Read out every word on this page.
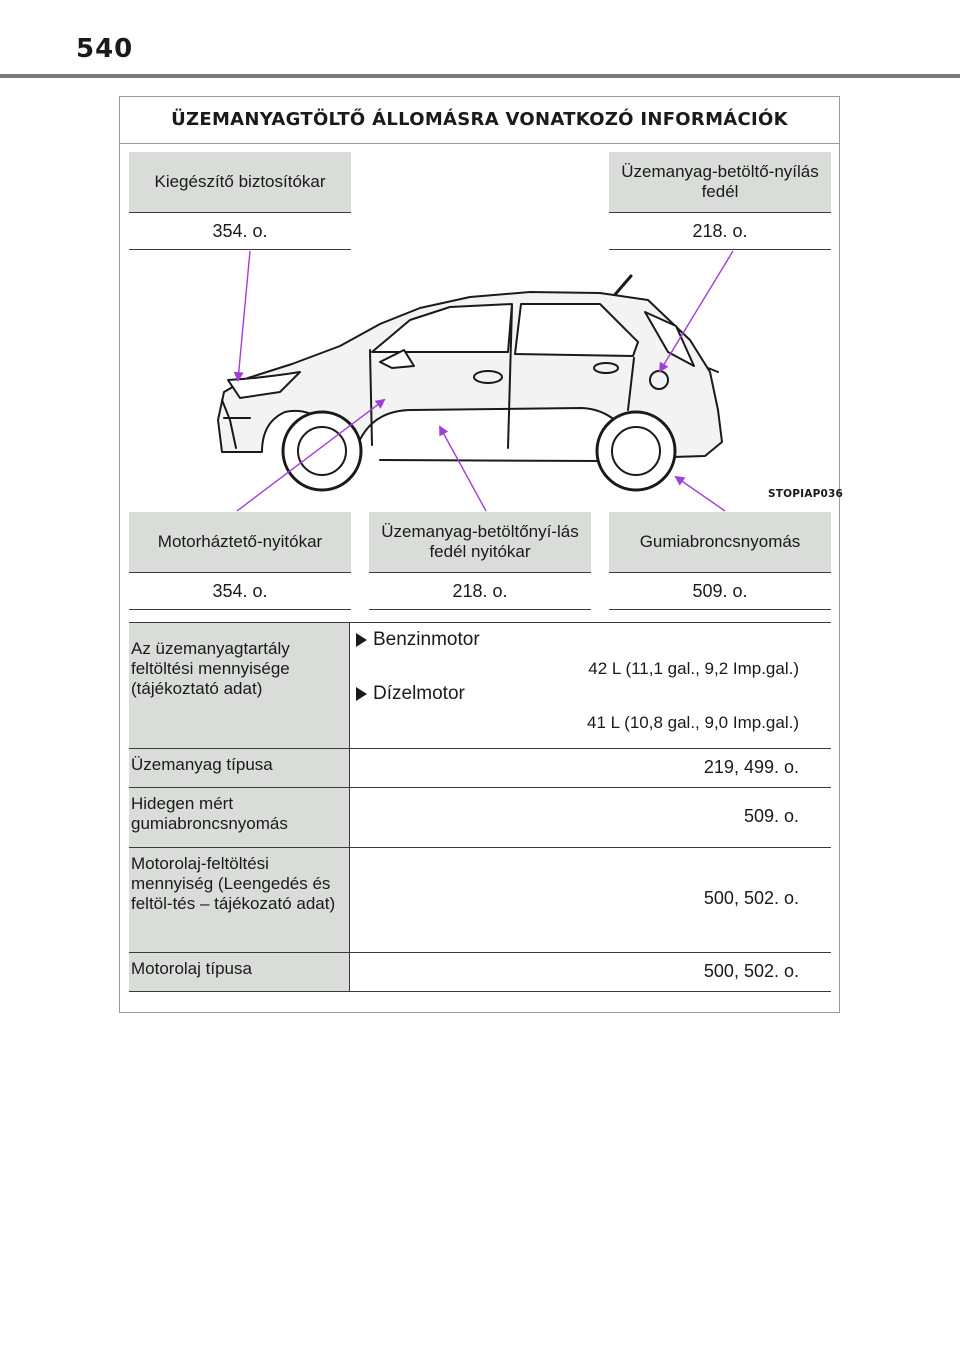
540
ÜZEMANYAGTÖLTŐ ÁLLOMÁSRA VONATKOZÓ INFORMÁCIÓK
Kiegészítő biztosítókar
354. o.
Üzemanyag-betöltő-nyílás fedél
218. o.
Motorháztető-nyitókar
354. o.
Üzemanyag-betöltőnyí-lás fedél nyitókar
218. o.
Gumiabroncsnyomás
509. o.
STOPIAP036
Az üzemanyagtartály feltöltési mennyisége (tájékoztató adat)
Benzinmotor
42 L (11,1 gal., 9,2 Imp.gal.)
Dízelmotor
41 L (10,8 gal., 9,0 Imp.gal.)
Üzemanyag típusa	219, 499. o.
Hidegen mért gumiabroncsnyomás	509. o.
Motorolaj-feltöltési mennyiség (Leengedés és feltöl-tés – tájékozató adat)	500, 502. o.
Motorolaj típusa	500, 502. o.
